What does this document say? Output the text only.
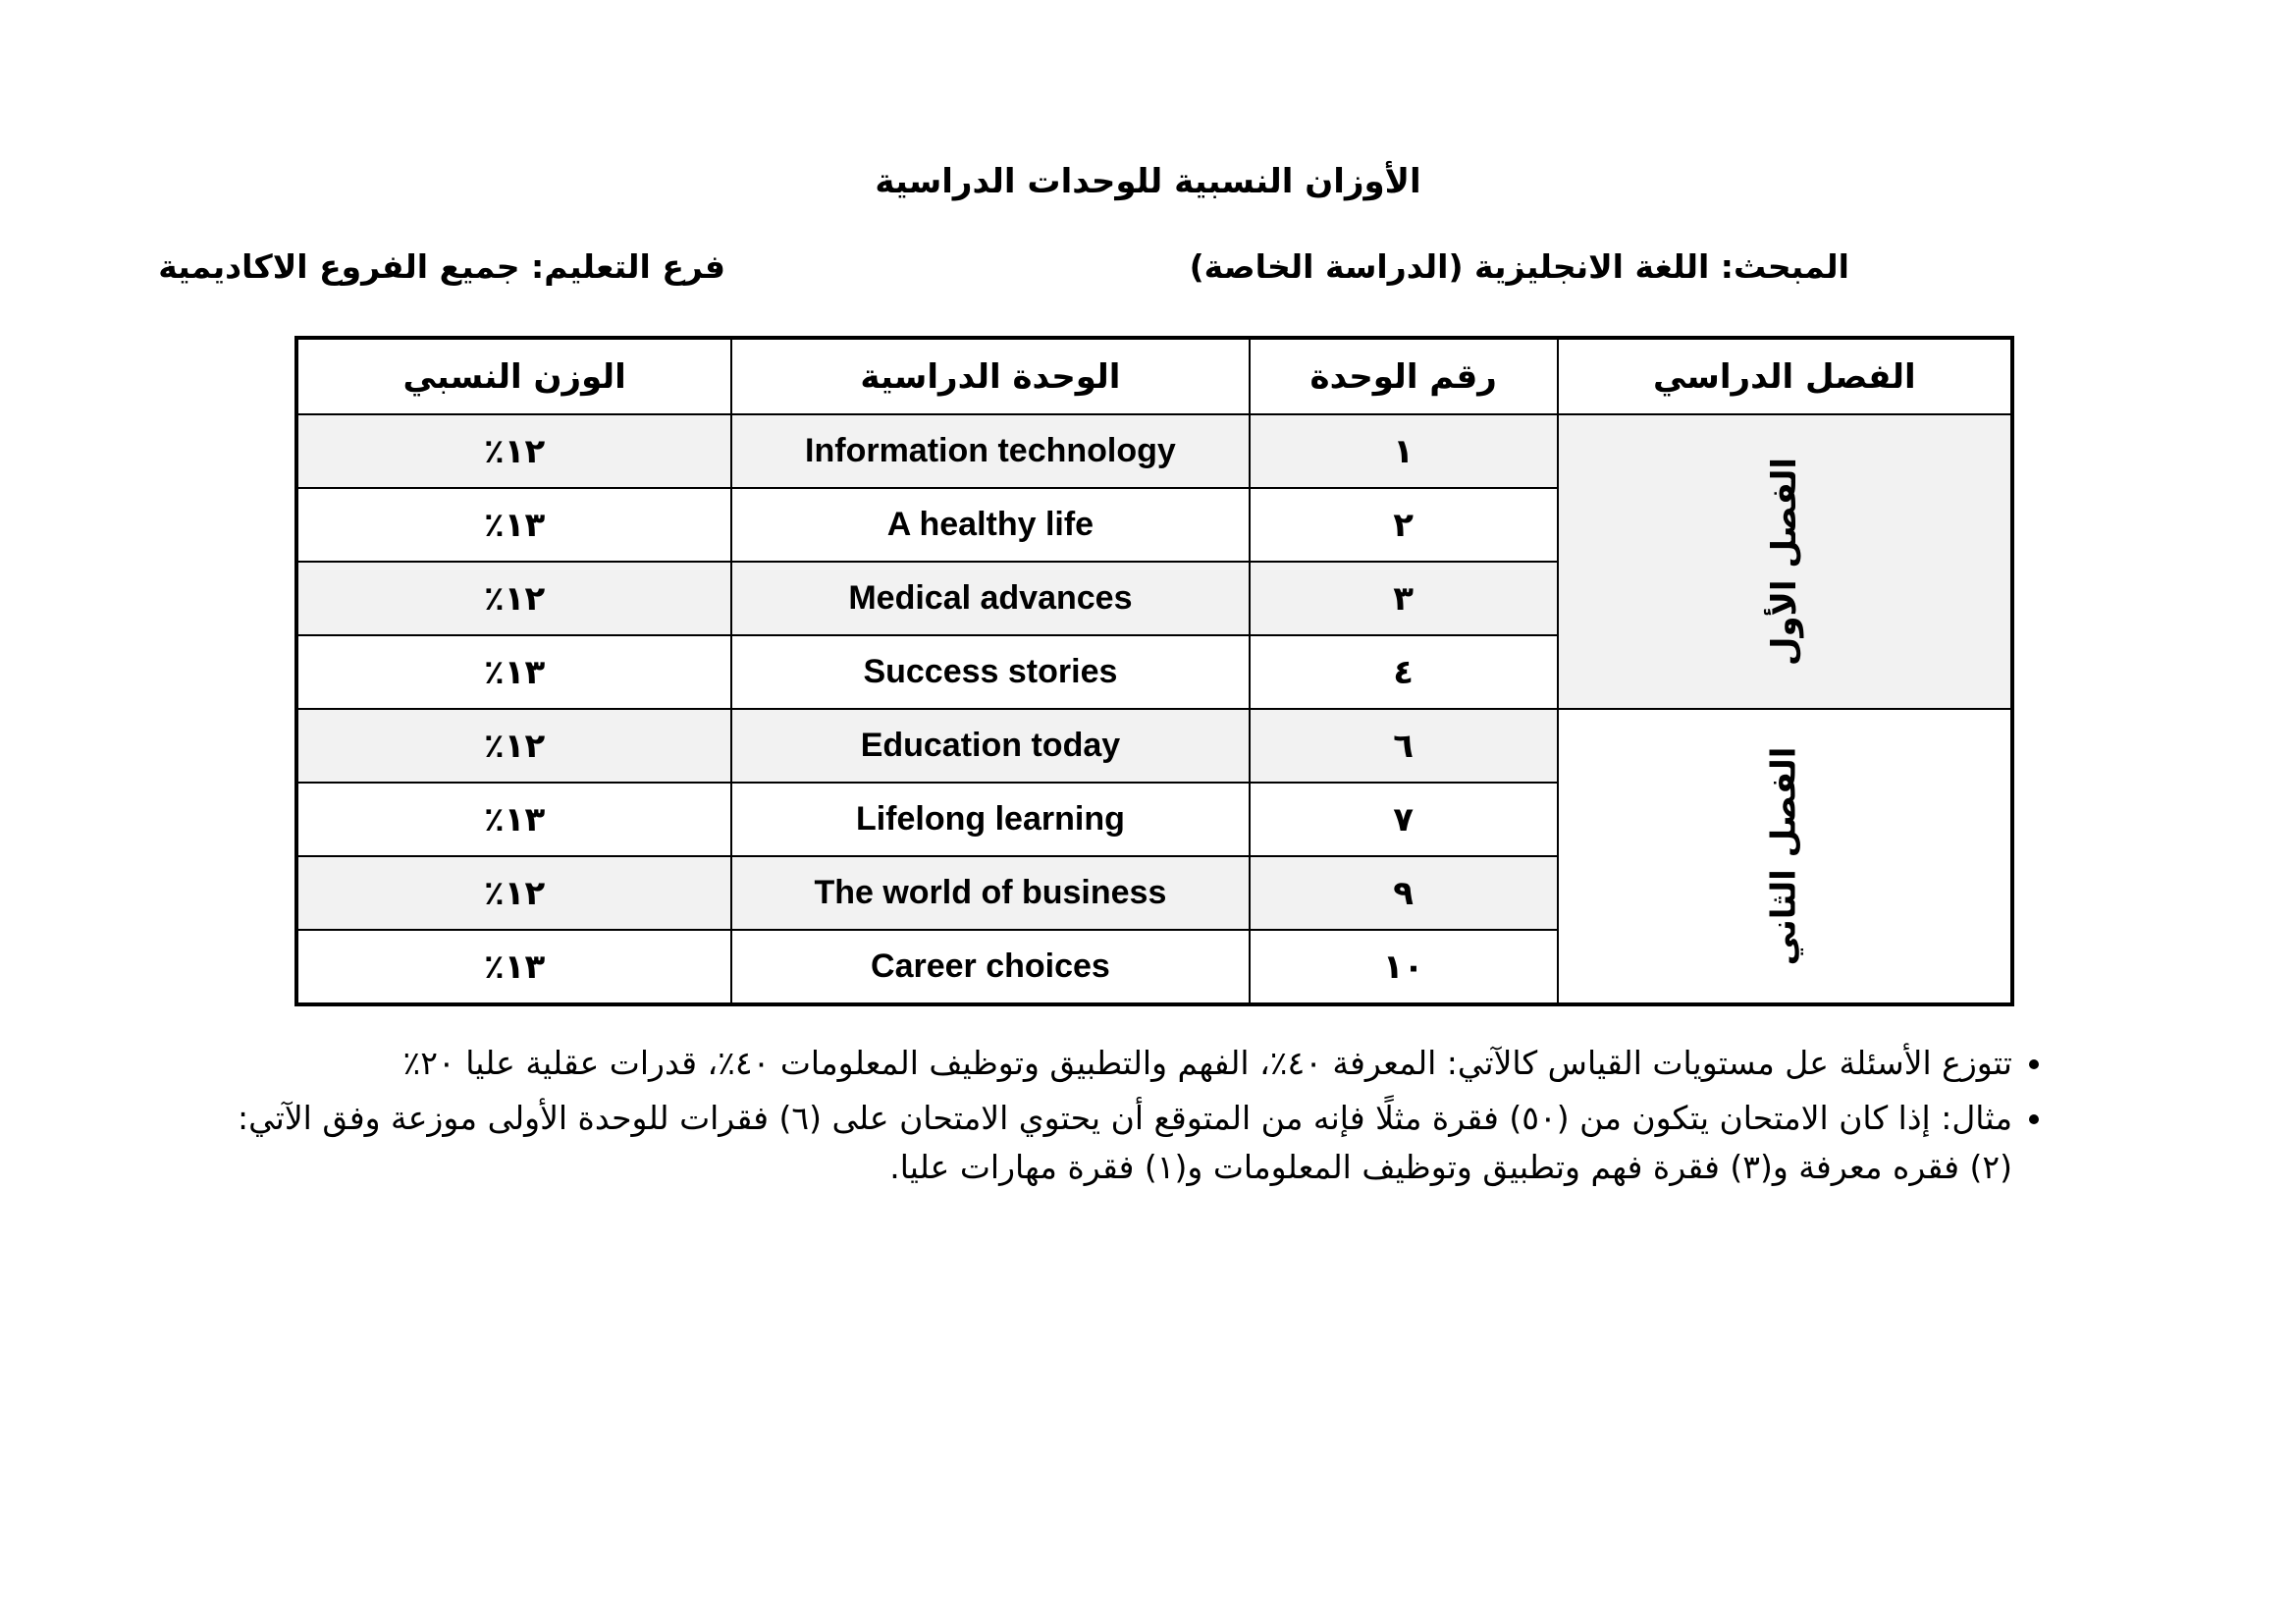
الأوزان النسبية للوحدات الدراسية
المبحث: اللغة الانجليزية (الدراسة الخاصة)
فرع التعليم: جميع الفروع الاكاديمية
الفصل الدراسي	رقم الوحدة	الوحدة الدراسية	الوزن النسبي
الفصل الأول	١	Information technology	١٢٪
	٢	A healthy life	١٣٪
	٣	Medical advances	١٢٪
	٤	Success stories	١٣٪
الفصل الثاني	٦	Education today	١٢٪
	٧	Lifelong learning	١٣٪
	٩	The world of business	١٢٪
	١٠	Career choices	١٣٪
• تتوزع الأسئلة عل مستويات القياس كالآتي: المعرفة ٤٠٪، الفهم والتطبيق وتوظيف المعلومات ٤٠٪، قدرات عقلية عليا ٢٠٪
• مثال: إذا كان الامتحان يتكون من (٥٠) فقرة مثلًا فإنه من المتوقع أن يحتوي الامتحان على (٦) فقرات للوحدة الأولى موزعة وفق الآتي: (٢) فقره معرفة و(٣) فقرة فهم وتطبيق وتوظيف المعلومات و(١) فقرة مهارات عليا.
